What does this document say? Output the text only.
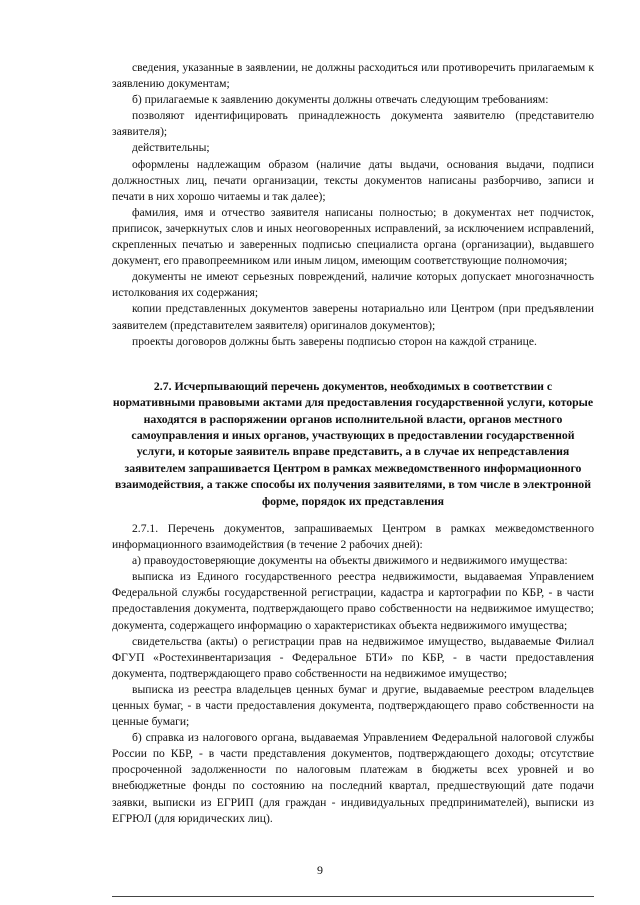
сведения, указанные в заявлении, не должны расходиться или противоречить прилагаемым к заявлению документам;

б) прилагаемые к заявлению документы должны отвечать следующим требованиям:

позволяют идентифицировать принадлежность документа заявителю (представителю заявителя);

действительны;

оформлены надлежащим образом (наличие даты выдачи, основания выдачи, подписи должностных лиц, печати организации, тексты документов написаны разборчиво, записи и печати в них хорошо читаемы и так далее);

фамилия, имя и отчество заявителя написаны полностью; в документах нет подчисток, приписок, зачеркнутых слов и иных неоговоренных исправлений, за исключением исправлений, скрепленных печатью и заверенных подписью специалиста органа (организации), выдавшего документ, его правопреемником или иным лицом, имеющим соответствующие полномочия;

документы не имеют серьезных повреждений, наличие которых допускает многозначность истолкования их содержания;

копии представленных документов заверены нотариально или Центром (при предъявлении заявителем (представителем заявителя) оригиналов документов);

проекты договоров должны быть заверены подписью сторон на каждой странице.

2.7. Исчерпывающий перечень документов, необходимых в соответствии с нормативными правовыми актами для предоставления государственной услуги, которые находятся в распоряжении органов исполнительной власти, органов местного самоуправления и иных органов, участвующих в предоставлении государственной услуги, и которые заявитель вправе представить, а в случае их непредставления заявителем запрашивается Центром в рамках межведомственного информационного взаимодействия, а также способы их получения заявителями, в том числе в электронной форме, порядок их представления

2.7.1. Перечень документов, запрашиваемых Центром в рамках межведомственного информационного взаимодействия (в течение 2 рабочих дней):

а) правоудостоверяющие документы на объекты движимого и недвижимого имущества:

выписка из Единого государственного реестра недвижимости, выдаваемая Управлением Федеральной службы государственной регистрации, кадастра и картографии по КБР, - в части предоставления документа, подтверждающего право собственности на недвижимое имущество; документа, содержащего информацию о характеристиках объекта недвижимого имущества;

свидетельства (акты) о регистрации прав на недвижимое имущество, выдаваемые Филиал ФГУП «Ростехинвентаризация - Федеральное БТИ» по КБР, - в части предоставления документа, подтверждающего право собственности на недвижимое имущество;

выписка из реестра владельцев ценных бумаг и другие, выдаваемые реестром владельцев ценных бумаг, - в части предоставления документа, подтверждающего право собственности на ценные бумаги;

б) справка из налогового органа, выдаваемая Управлением Федеральной налоговой службы России по КБР, - в части представления документов, подтверждающего доходы; отсутствие просроченной задолженности по налоговым платежам в бюджеты всех уровней и во внебюджетные фонды по состоянию на последний квартал, предшествующий дате подачи заявки, выписки из ЕГРИП (для граждан - индивидуальных предпринимателей), выписки из ЕГРЮЛ (для юридических лиц).

9
